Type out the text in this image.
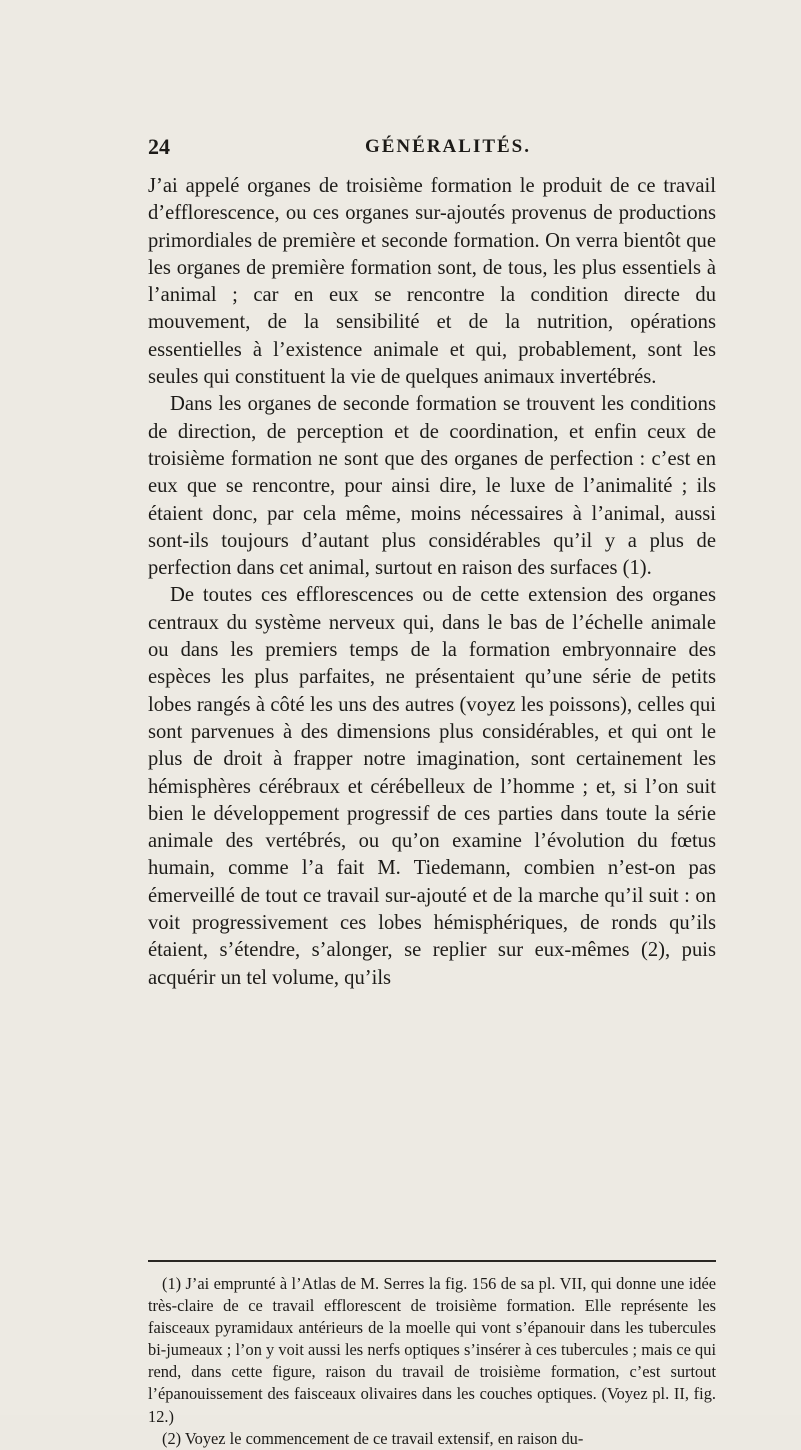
24	GÉNÉRALITÉS.

J’ai appelé organes de troisième formation le produit de ce travail d’efflorescence, ou ces organes sur-ajoutés provenus de productions primordiales de première et seconde formation. On verra bientôt que les organes de première formation sont, de tous, les plus essentiels à l’animal ; car en eux se rencontre la condition directe du mouvement, de la sensibilité et de la nutrition, opérations essentielles à l’existence animale et qui, probablement, sont les seules qui constituent la vie de quelques animaux invertébrés.

Dans les organes de seconde formation se trouvent les conditions de direction, de perception et de coordination, et enfin ceux de troisième formation ne sont que des organes de perfection : c’est en eux que se rencontre, pour ainsi dire, le luxe de l’animalité ; ils étaient donc, par cela même, moins nécessaires à l’animal, aussi sont-ils toujours d’autant plus considérables qu’il y a plus de perfection dans cet animal, surtout en raison des surfaces (1).

De toutes ces efflorescences ou de cette extension des organes centraux du système nerveux qui, dans le bas de l’échelle animale ou dans les premiers temps de la formation embryonnaire des espèces les plus parfaites, ne présentaient qu’une série de petits lobes rangés à côté les uns des autres (voyez les poissons), celles qui sont parvenues à des dimensions plus considérables, et qui ont le plus de droit à frapper notre imagination, sont certainement les hémisphères cérébraux et cérébelleux de l’homme ; et, si l’on suit bien le développement progressif de ces parties dans toute la série animale des vertébrés, ou qu’on examine l’évolution du fœtus humain, comme l’a fait M. Tiedemann, combien n’est-on pas émerveillé de tout ce travail sur-ajouté et de la marche qu’il suit : on voit progressivement ces lobes hémisphériques, de ronds qu’ils étaient, s’étendre, s’alonger, se replier sur eux-mêmes (2), puis acquérir un tel volume, qu’ils

(1) J’ai emprunté à l’Atlas de M. Serres la fig. 156 de sa pl. VII, qui donne une idée très-claire de ce travail efflorescent de troisième formation. Elle représente les faisceaux pyramidaux antérieurs de la moelle qui vont s’épanouir dans les tubercules bi-jumeaux ; l’on y voit aussi les nerfs optiques s’insérer à ces tubercules ; mais ce qui rend, dans cette figure, raison du travail de troisième formation, c’est surtout l’épanouissement des faisceaux olivaires dans les couches optiques. (Voyez pl. II, fig. 12.)

(2) Voyez le commencement de ce travail extensif, en raison du-
